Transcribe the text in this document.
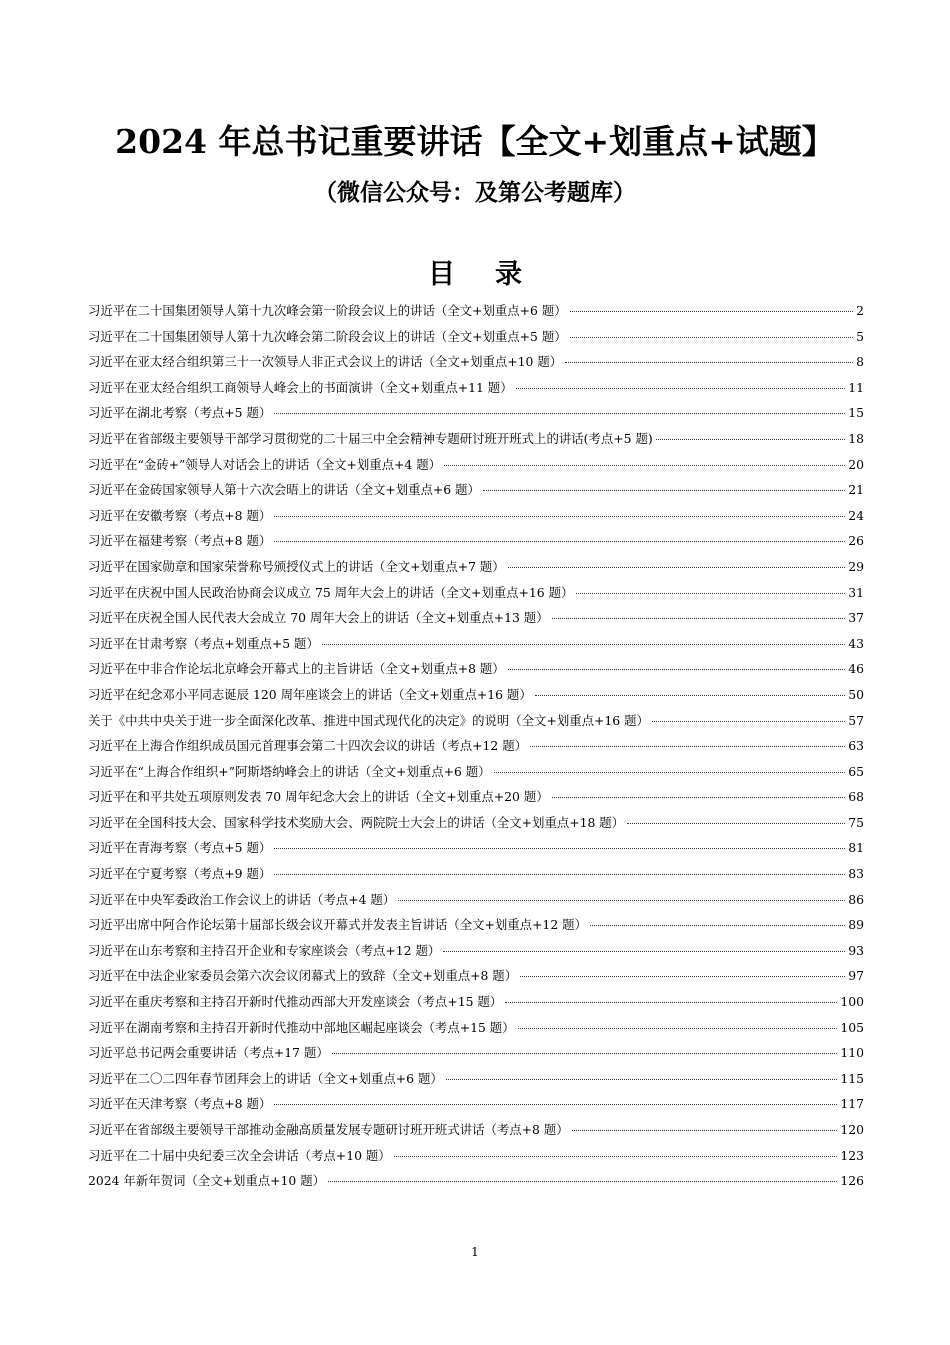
2024 年总书记重要讲话【全文+划重点+试题】
（微信公众号：及第公考题库）
目录
习近平在二十国集团领导人第十九次峰会第一阶段会议上的讲话（全文+划重点+6 题）	2
习近平在二十国集团领导人第十九次峰会第二阶段会议上的讲话（全文+划重点+5 题）	5
习近平在亚太经合组织第三十一次领导人非正式会议上的讲话（全文+划重点+10 题）	8
习近平在亚太经合组织工商领导人峰会上的书面演讲（全文+划重点+11 题）	11
习近平在湖北考察（考点+5 题）	15
习近平在省部级主要领导干部学习贯彻党的二十届三中全会精神专题研讨班开班式上的讲话(考点+5 题)	18
习近平在“金砖+”领导人对话会上的讲话（全文+划重点+4 题）	20
习近平在金砖国家领导人第十六次会晤上的讲话（全文+划重点+6 题）	21
习近平在安徽考察（考点+8 题）	24
习近平在福建考察（考点+8 题）	26
习近平在国家勋章和国家荣誉称号颁授仪式上的讲话（全文+划重点+7 题）	29
习近平在庆祝中国人民政治协商会议成立 75 周年大会上的讲话（全文+划重点+16 题）	31
习近平在庆祝全国人民代表大会成立 70 周年大会上的讲话（全文+划重点+13 题）	37
习近平在甘肃考察（考点+划重点+5 题）	43
习近平在中非合作论坛北京峰会开幕式上的主旨讲话（全文+划重点+8 题）	46
习近平在纪念邓小平同志诞辰 120 周年座谈会上的讲话（全文+划重点+16 题）	50
关于《中共中央关于进一步全面深化改革、推进中国式现代化的决定》的说明（全文+划重点+16 题）	57
习近平在上海合作组织成员国元首理事会第二十四次会议的讲话（考点+12 题）	63
习近平在“上海合作组织+”阿斯塔纳峰会上的讲话（全文+划重点+6 题）	65
习近平在和平共处五项原则发表 70 周年纪念大会上的讲话（全文+划重点+20 题）	68
习近平在全国科技大会、国家科学技术奖励大会、两院院士大会上的讲话（全文+划重点+18 题）	75
习近平在青海考察（考点+5 题）	81
习近平在宁夏考察（考点+9 题）	83
习近平在中央军委政治工作会议上的讲话（考点+4 题）	86
习近平出席中阿合作论坛第十届部长级会议开幕式并发表主旨讲话（全文+划重点+12 题）	89
习近平在山东考察和主持召开企业和专家座谈会（考点+12 题）	93
习近平在中法企业家委员会第六次会议闭幕式上的致辞（全文+划重点+8 题）	97
习近平在重庆考察和主持召开新时代推动西部大开发座谈会（考点+15 题）	100
习近平在湖南考察和主持召开新时代推动中部地区崛起座谈会（考点+15 题）	105
习近平总书记两会重要讲话（考点+17 题）	110
习近平在二〇二四年春节团拜会上的讲话（全文+划重点+6 题）	115
习近平在天津考察（考点+8 题）	117
习近平在省部级主要领导干部推动金融高质量发展专题研讨班开班式讲话（考点+8 题）	120
习近平在二十届中央纪委三次全会讲话（考点+10 题）	123
2024 年新年贺词（全文+划重点+10 题）	126
1
